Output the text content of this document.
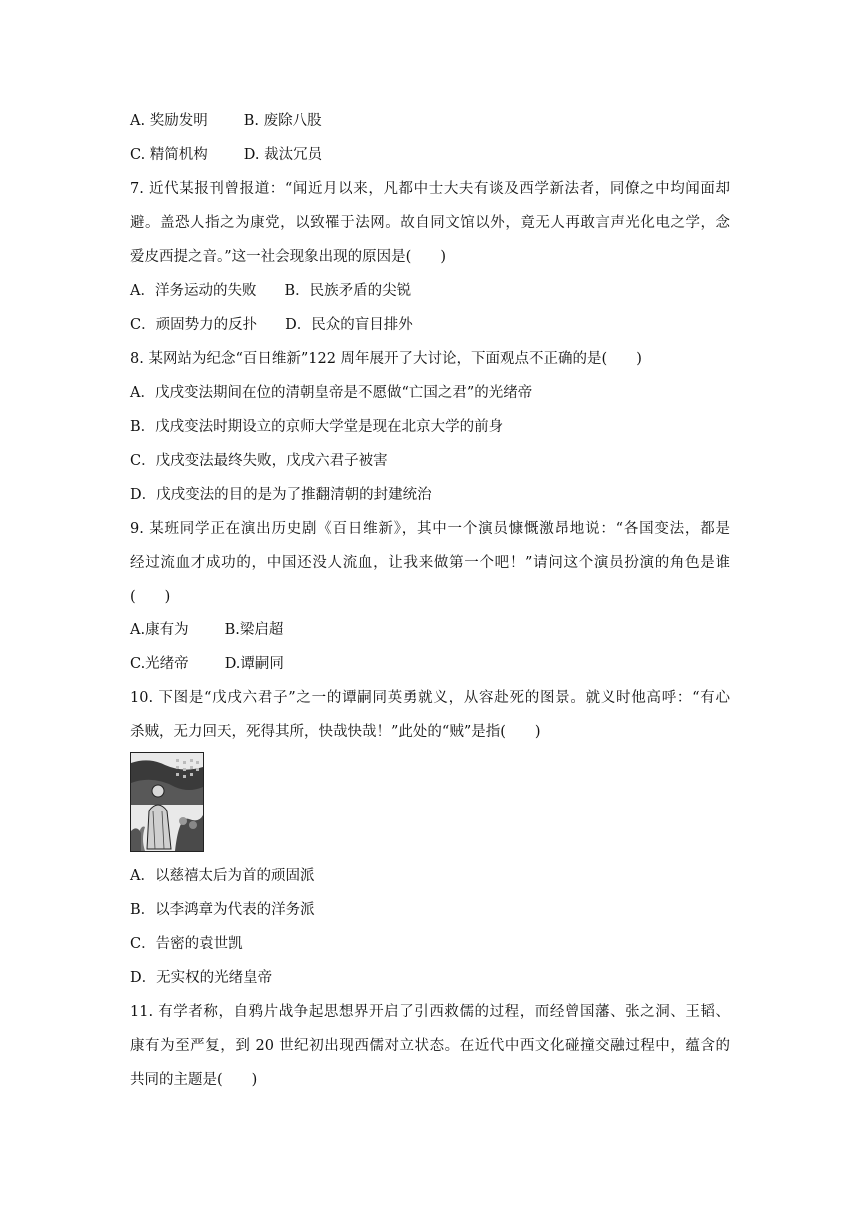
A. 奖励发明 B. 废除八股
C. 精简机构 D. 裁汰冗员
7. 近代某报刊曾报道：“闻近月以来，凡都中士大夫有谈及西学新法者，同僚之中均闻面却
避。盖恐人指之为康党，以致罹于法网。故自同文馆以外，竟无人再敢言声光化电之学，念
爱皮西提之音。”这一社会现象出现的原因是(　　)
A．洋务运动的失败 B．民族矛盾的尖锐
C．顽固势力的反扑 D．民众的盲目排外
8. 某网站为纪念“百日维新”122 周年展开了大讨论，下面观点不正确的是(　　)
A．戊戌变法期间在位的清朝皇帝是不愿做“亡国之君”的光绪帝
B．戊戌变法时期设立的京师大学堂是现在北京大学的前身
C．戊戌变法最终失败，戊戌六君子被害
D．戊戌变法的目的是为了推翻清朝的封建统治
9. 某班同学正在演出历史剧《百日维新》，其中一个演员慷慨激昂地说：“各国变法，都是
经过流血才成功的，中国还没人流血，让我来做第一个吧！”请问这个演员扮演的角色是谁
(　　)
A.康有为 B.梁启超
C.光绪帝 D.谭嗣同
10. 下图是“戊戌六君子”之一的谭嗣同英勇就义，从容赴死的图景。就义时他高呼：“有心
杀贼，无力回天，死得其所，快哉快哉！”此处的“贼”是指(　　)
A．以慈禧太后为首的顽固派
B．以李鸿章为代表的洋务派
C．告密的袁世凯
D．无实权的光绪皇帝
11. 有学者称，自鸦片战争起思想界开启了引西救儒的过程，而经曾国藩、张之洞、王韬、
康有为至严复，到 20 世纪初出现西儒对立状态。在近代中西文化碰撞交融过程中，蕴含的
共同的主题是(　　)
